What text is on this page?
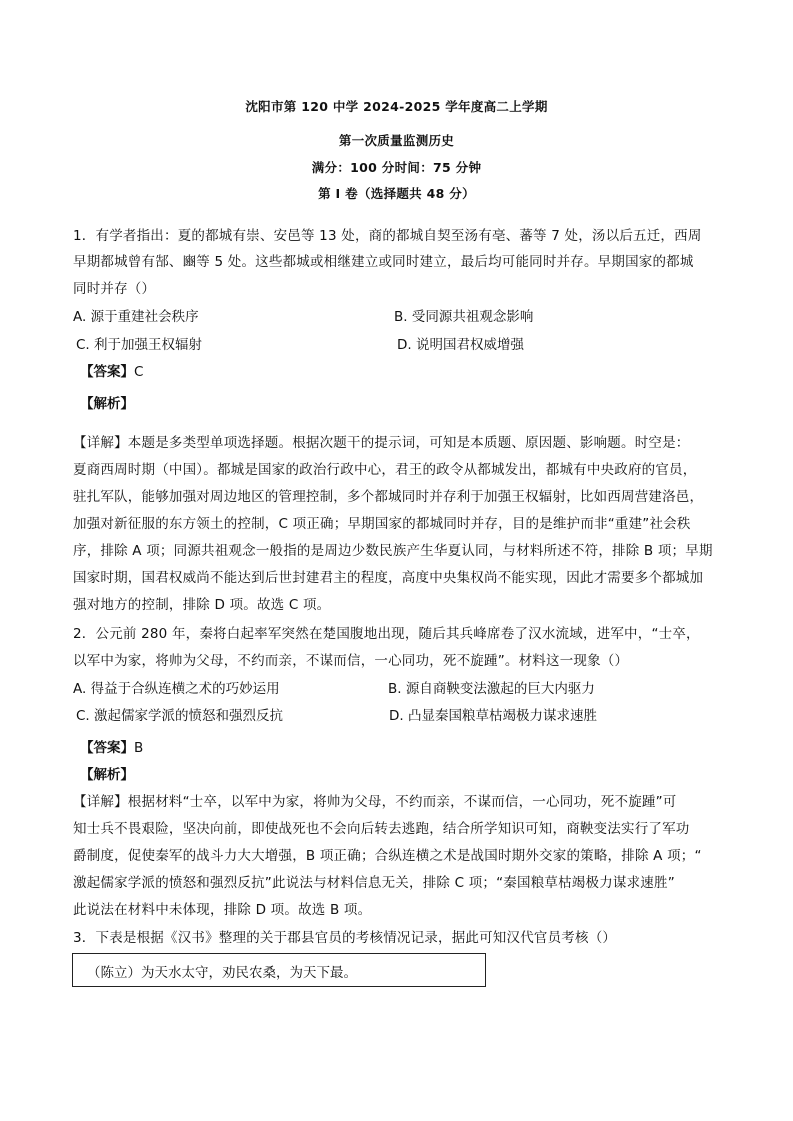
沈阳市第 120 中学 2024-2025 学年度高二上学期
第一次质量监测历史
满分：100 分时间：75 分钟
第 I 卷（选择题共 48 分）
1．有学者指出：夏的都城有崇、安邑等 13 处，商的都城自契至汤有亳、蕃等 7 处，汤以后五迁，西周
早期都城曾有郜、豳等 5 处。这些都城或相继建立或同时建立，最后均可能同时并存。早期国家的都城
同时并存（）
A. 源于重建社会秩序	B. 受同源共祖观念影响
C. 利于加强王权辐射	D. 说明国君权威增强
【答案】C
【解析】
【详解】本题是多类型单项选择题。根据次题干的提示词，可知是本质题、原因题、影响题。时空是：
夏商西周时期（中国）。都城是国家的政治行政中心，君王的政令从都城发出，都城有中央政府的官员，
驻扎军队，能够加强对周边地区的管理控制，多个都城同时并存利于加强王权辐射，比如西周营建洛邑，
加强对新征服的东方领土的控制，C 项正确；早期国家的都城同时并存，目的是维护而非“重建”社会秩
序，排除 A 项；同源共祖观念一般指的是周边少数民族产生华夏认同，与材料所述不符，排除 B 项；早期
国家时期，国君权威尚不能达到后世封建君主的程度，高度中央集权尚不能实现，因此才需要多个都城加
强对地方的控制，排除 D 项。故选 C 项。
2．公元前 280 年，秦将白起率军突然在楚国腹地出现，随后其兵峰席卷了汉水流域，进军中，“士卒，
以军中为家，将帅为父母，不约而亲，不谋而信，一心同功，死不旋踵”。材料这一现象（）
A. 得益于合纵连横之术的巧妙运用	B. 源自商鞅变法激起的巨大内驱力
C. 激起儒家学派的愤怒和强烈反抗	D. 凸显秦国粮草枯竭极力谋求速胜
【答案】B
【解析】
【详解】根据材料“士卒，以军中为家，将帅为父母，不约而亲，不谋而信，一心同功，死不旋踵”可
知士兵不畏艰险，坚决向前，即使战死也不会向后转去逃跑，结合所学知识可知，商鞅变法实行了军功
爵制度，促使秦军的战斗力大大增强，B 项正确；合纵连横之术是战国时期外交家的策略，排除 A 项；“
激起儒家学派的愤怒和强烈反抗”此说法与材料信息无关，排除 C 项；“秦国粮草枯竭极力谋求速胜”
此说法在材料中未体现，排除 D 项。故选 B 项。
3．下表是根据《汉书》整理的关于郡县官员的考核情况记录，据此可知汉代官员考核（）
（陈立）为天水太守，劝民农桑，为天下最。
